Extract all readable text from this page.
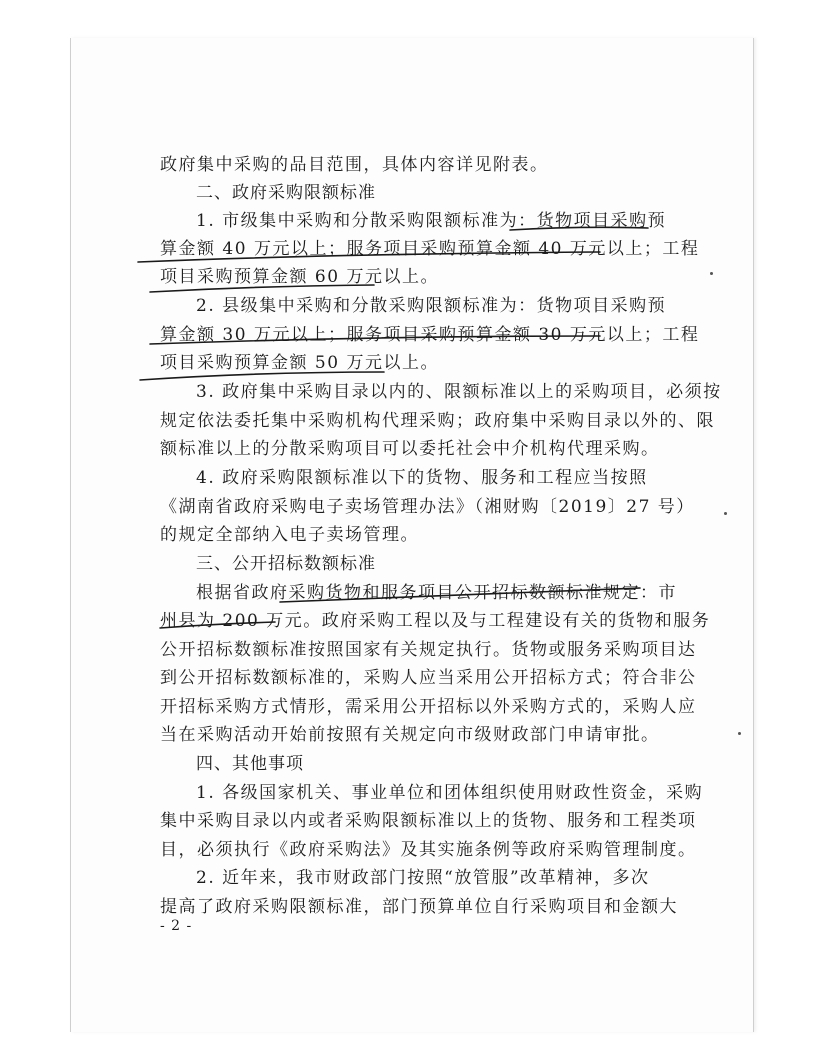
政府集中采购的品目范围，具体内容详见附表。
二、政府采购限额标准
1. 市级集中采购和分散采购限额标准为：货物项目采购预
算金额 40 万元以上；服务项目采购预算金额 40 万元以上；工程
项目采购预算金额 60 万元以上。
2. 县级集中采购和分散采购限额标准为：货物项目采购预
算金额 30 万元以上；服务项目采购预算金额 30 万元以上；工程
项目采购预算金额 50 万元以上。
3. 政府集中采购目录以内的、限额标准以上的采购项目，必须按
规定依法委托集中采购机构代理采购；政府集中采购目录以外的、限
额标准以上的分散采购项目可以委托社会中介机构代理采购。
4. 政府采购限额标准以下的货物、服务和工程应当按照
《湖南省政府采购电子卖场管理办法》（湘财购〔2019〕27 号）
的规定全部纳入电子卖场管理。
三、公开招标数额标准
根据省政府采购货物和服务项目公开招标数额标准规定：市
州县为 200 万元。政府采购工程以及与工程建设有关的货物和服务
公开招标数额标准按照国家有关规定执行。货物或服务采购项目达
到公开招标数额标准的，采购人应当采用公开招标方式；符合非公
开招标采购方式情形，需采用公开招标以外采购方式的，采购人应
当在采购活动开始前按照有关规定向市级财政部门申请审批。
四、其他事项
1. 各级国家机关、事业单位和团体组织使用财政性资金，采购
集中采购目录以内或者采购限额标准以上的货物、服务和工程类项
目，必须执行《政府采购法》及其实施条例等政府采购管理制度。
2. 近年来，我市财政部门按照“放管服”改革精神，多次
提高了政府采购限额标准，部门预算单位自行采购项目和金额大
- 2 -
